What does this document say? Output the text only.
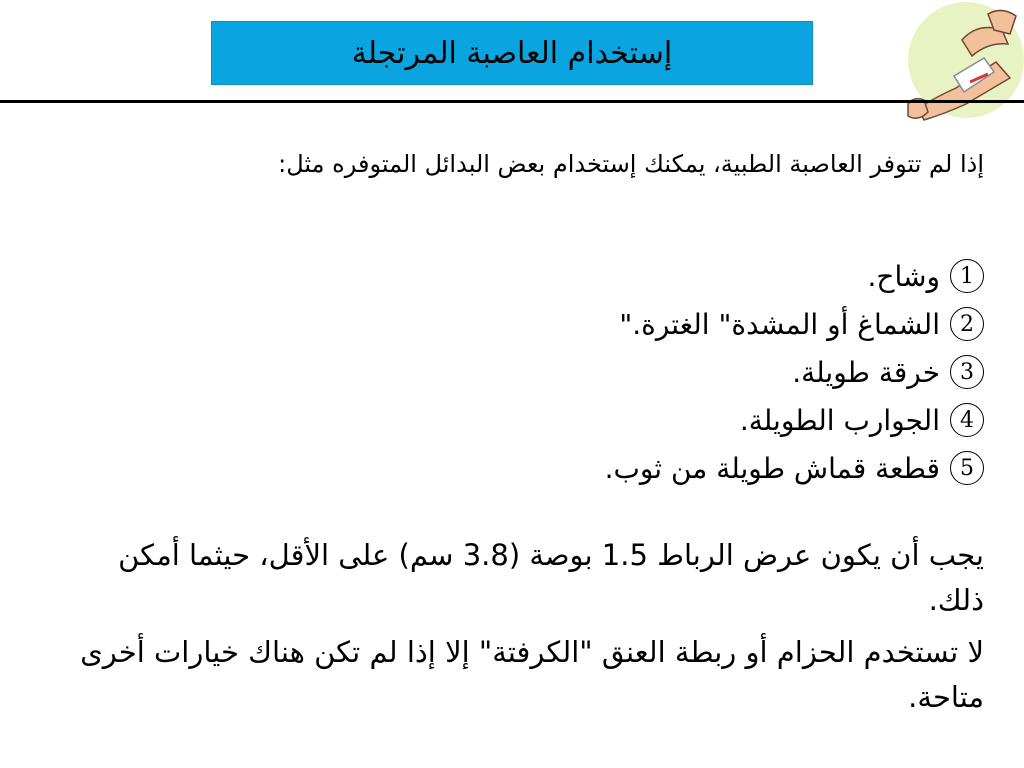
إستخدام العاصبة المرتجلة
إذا لم تتوفر العاصبة الطبية، يمكنك إستخدام بعض البدائل المتوفره مثل:
1
وشاح.
2
الشماغ أو المشدة" الغترة."
3
خرقة طويلة.
4
الجوارب الطويلة.
5
قطعة قماش طويلة من ثوب.
يجب أن يكون عرض الرباط 1.5 بوصة (3.8 سم) على الأقل، حيثما أمكن ذلك.
لا تستخدم الحزام أو ربطة العنق "الكرفتة" إلا إذا لم تكن هناك خيارات أخرى متاحة.
